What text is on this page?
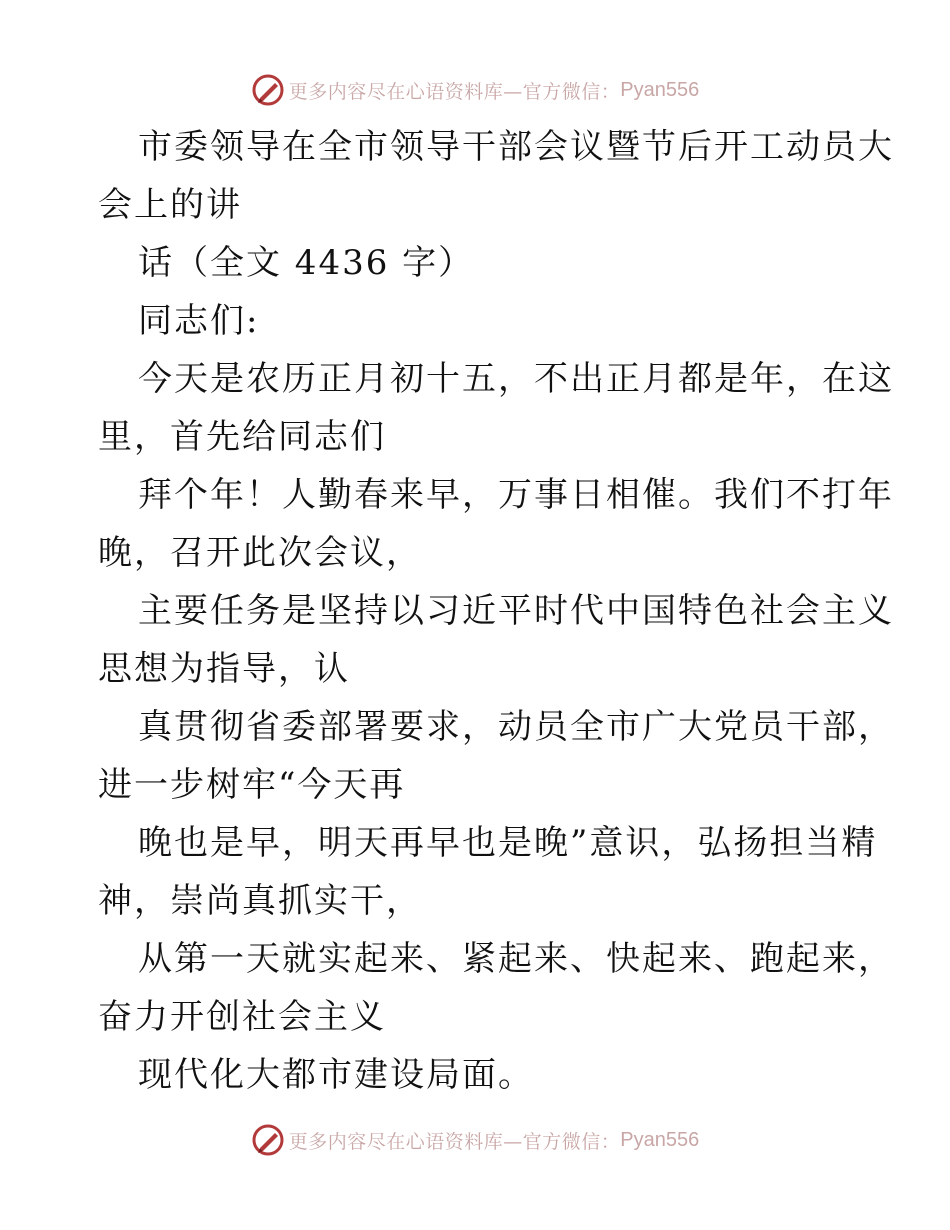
更多内容尽在心语资料库—官方微信： Pyan556
市委领导在全市领导干部会议暨节后开工动员大
会上的讲
话（全文 4436 字）
同志们:
今天是农历正月初十五，不出正月都是年，在这
里，首先给同志们
拜个年！人勤春来早，万事日相催。我们不打年
晚，召开此次会议，
主要任务是坚持以习近平时代中国特色社会主义
思想为指导，认
真贯彻省委部署要求，动员全市广大党员干部，
进一步树牢“今天再
晚也是早，明天再早也是晚”意识，弘扬担当精
神，崇尚真抓实干，
从第一天就实起来、紧起来、快起来、跑起来，
奋力开创社会主义
现代化大都市建设局面。
更多内容尽在心语资料库—官方微信： Pyan556
